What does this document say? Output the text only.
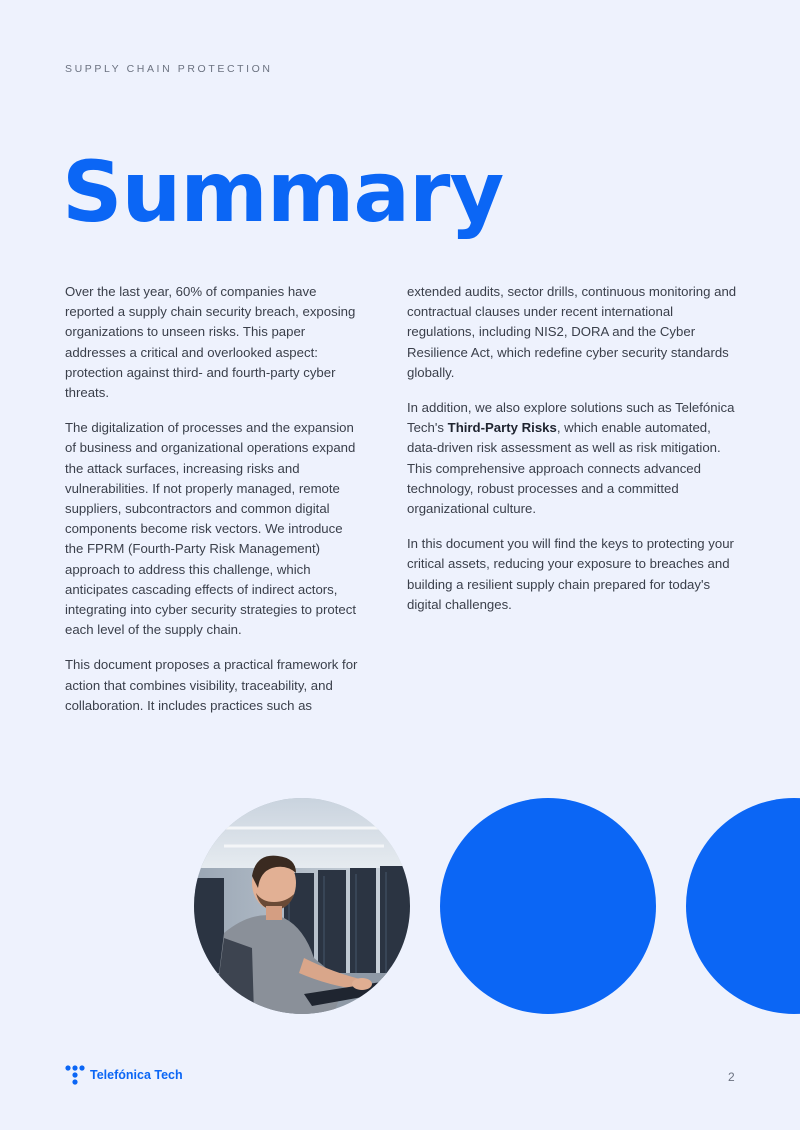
SUPPLY CHAIN PROTECTION
Summary

Over the last year, 60% of companies have reported a supply chain security breach, exposing organizations to unseen risks. This paper addresses a critical and overlooked aspect: protection against third- and fourth-party cyber threats.

The digitalization of processes and the expansion of business and organizational operations expand the attack surfaces, increasing risks and vulnerabilities. If not properly managed, remote suppliers, subcontractors and common digital components become risk vectors. We introduce the FPRM (Fourth-Party Risk Management) approach to address this challenge, which anticipates cascading effects of indirect actors, integrating into cyber security strategies to protect each level of the supply chain.

This document proposes a practical framework for action that combines visibility, traceability, and collaboration. It includes practices such as

extended audits, sector drills, continuous monitoring and contractual clauses under recent international regulations, including NIS2, DORA and the Cyber Resilience Act, which redefine cyber security standards globally.

In addition, we also explore solutions such as Telefónica Tech's Third-Party Risks, which enable automated, data-driven risk assessment as well as risk mitigation. This comprehensive approach connects advanced technology, robust processes and a committed organizational culture.

In this document you will find the keys to protecting your critical assets, reducing your exposure to breaches and building a resilient supply chain prepared for today's digital challenges.

Telefónica Tech	2
